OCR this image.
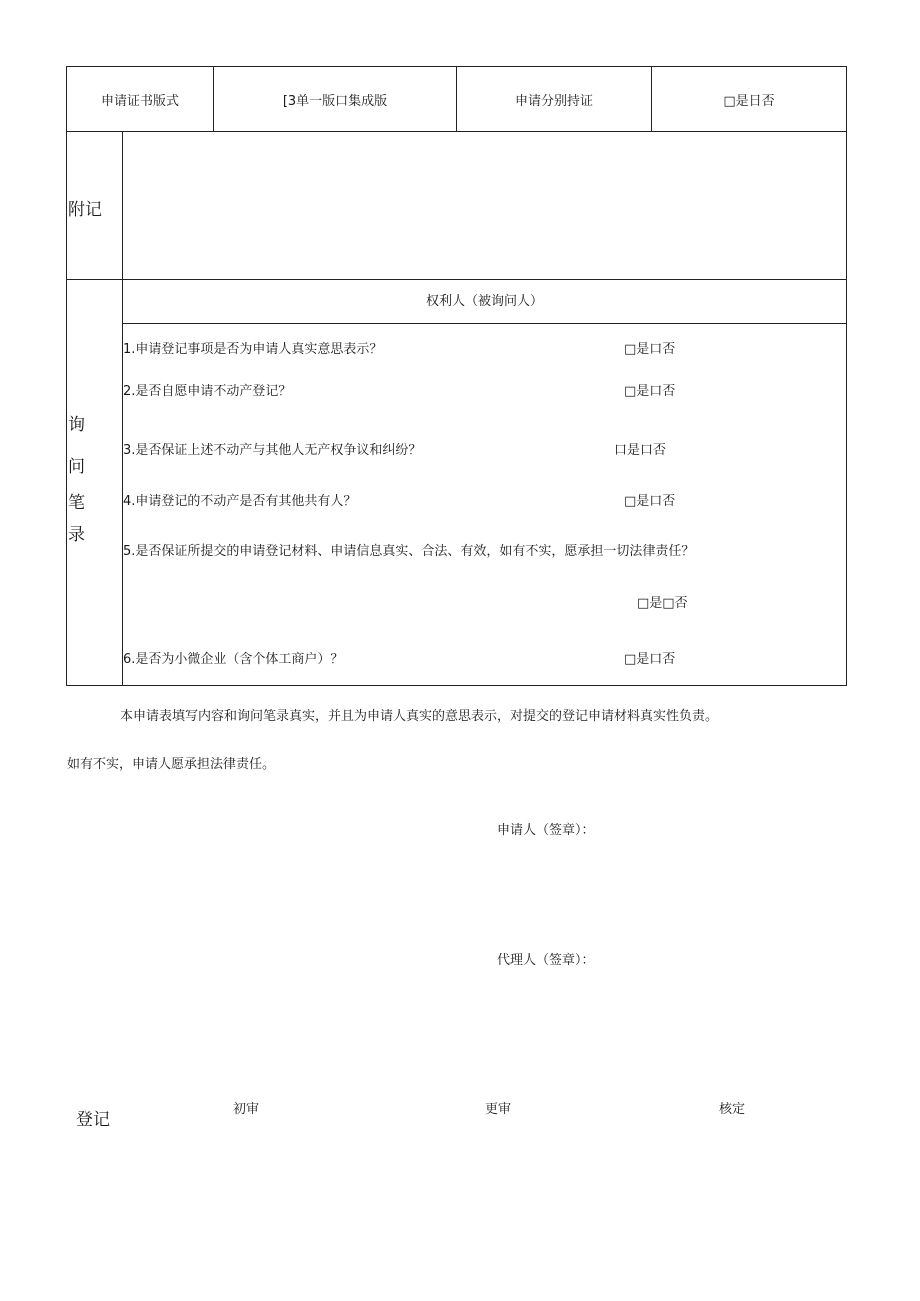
申请证书版式	[3单一版口集成版	申请分别持证	□是日否
附记
询
问
笔
录
权利人（被询问人）
1.申请登记事项是否为申请人真实意思表示？	□是口否
2.是否自愿申请不动产登记？	□是口否
3.是否保证上述不动产与其他人无产权争议和纠纷？	口是口否
4.申请登记的不动产是否有其他共有人？	□是口否
5.是否保证所提交的申请登记材料、申请信息真实、合法、有效，如有不实，愿承担一切法律责任？
□是□否
6.是否为小微企业（含个体工商户）？	□是口否
本申请表填写内容和询问笔录真实，并且为申请人真实的意思表示，对提交的登记申请材料真实性负责。
如有不实，申请人愿承担法律责任。
申请人（签章）：
代理人（签章）：
登记
初审	更审	核定
